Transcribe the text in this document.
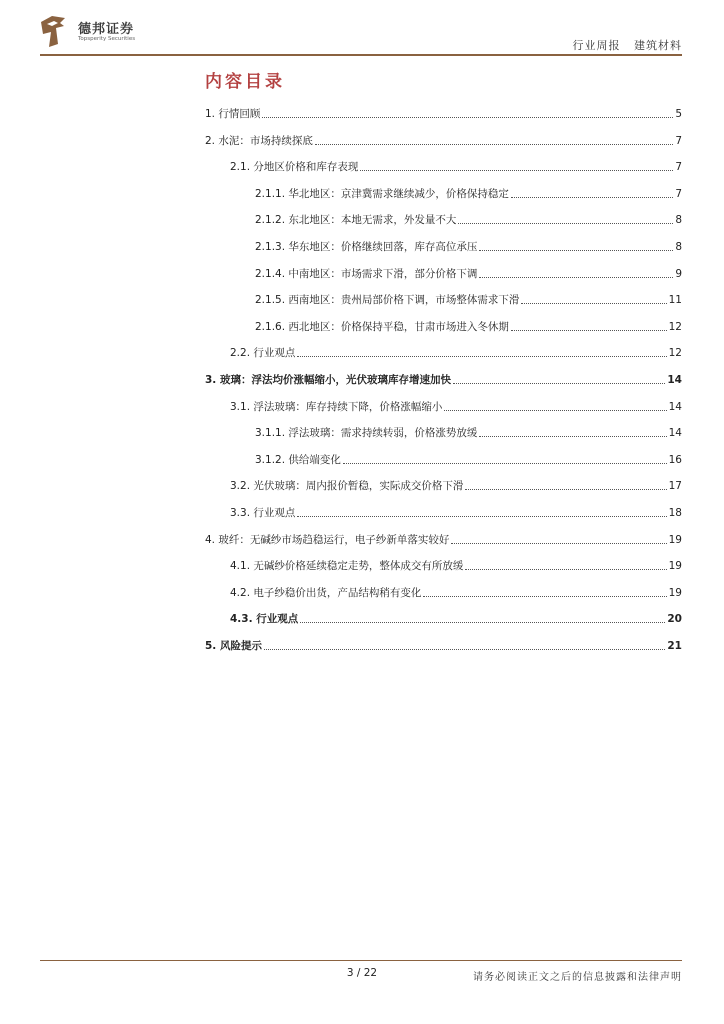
德邦证券
Topsperity Securities	行业周报 建筑材料
内容目录
1. 行情回顾	5
2. 水泥：市场持续探底	7
2.1. 分地区价格和库存表现	7
2.1.1. 华北地区：京津冀需求继续减少，价格保持稳定	7
2.1.2. 东北地区：本地无需求，外发量不大	8
2.1.3. 华东地区：价格继续回落，库存高位承压	8
2.1.4. 中南地区：市场需求下滑，部分价格下调	9
2.1.5. 西南地区：贵州局部价格下调，市场整体需求下滑	11
2.1.6. 西北地区：价格保持平稳，甘肃市场进入冬休期	12
2.2. 行业观点	12
3. 玻璃：浮法均价涨幅缩小，光伏玻璃库存增速加快	14
3.1. 浮法玻璃：库存持续下降，价格涨幅缩小	14
3.1.1. 浮法玻璃：需求持续转弱，价格涨势放缓	14
3.1.2. 供给端变化	16
3.2. 光伏玻璃：周内报价暂稳，实际成交价格下滑	17
3.3. 行业观点	18
4. 玻纤：无碱纱市场趋稳运行，电子纱新单落实较好	19
4.1. 无碱纱价格延续稳定走势，整体成交有所放缓	19
4.2. 电子纱稳价出货，产品结构稍有变化	19
4.3. 行业观点	20
5. 风险提示	21
3 / 22	请务必阅读正文之后的信息披露和法律声明
